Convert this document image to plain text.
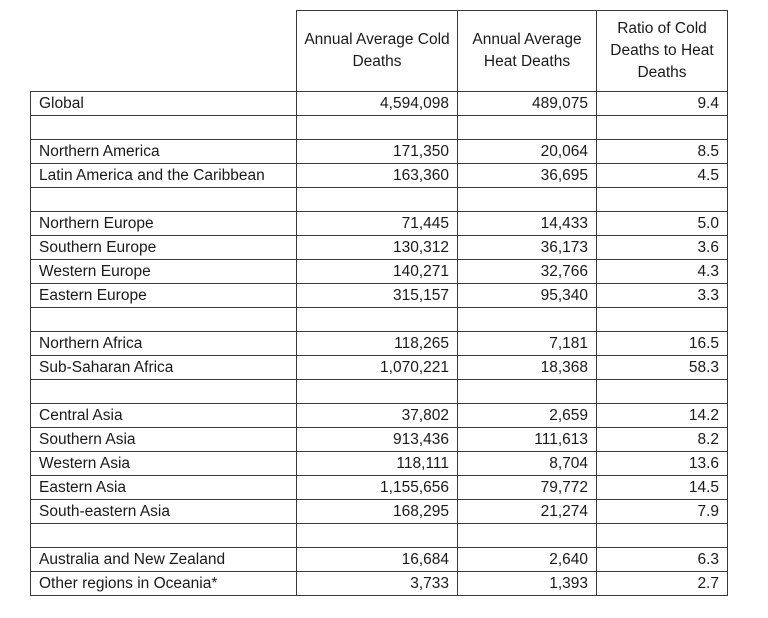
	Annual Average Cold Deaths	Annual Average Heat Deaths	Ratio of Cold Deaths to Heat Deaths
Global	4,594,098	489,075	9.4

Northern America	171,350	20,064	8.5
Latin America and the Caribbean	163,360	36,695	4.5

Northern Europe	71,445	14,433	5.0
Southern Europe	130,312	36,173	3.6
Western Europe	140,271	32,766	4.3
Eastern Europe	315,157	95,340	3.3

Northern Africa	118,265	7,181	16.5
Sub-Saharan Africa	1,070,221	18,368	58.3

Central Asia	37,802	2,659	14.2
Southern Asia	913,436	111,613	8.2
Western Asia	118,111	8,704	13.6
Eastern Asia	1,155,656	79,772	14.5
South-eastern Asia	168,295	21,274	7.9

Australia and New Zealand	16,684	2,640	6.3
Other regions in Oceania*	3,733	1,393	2.7
